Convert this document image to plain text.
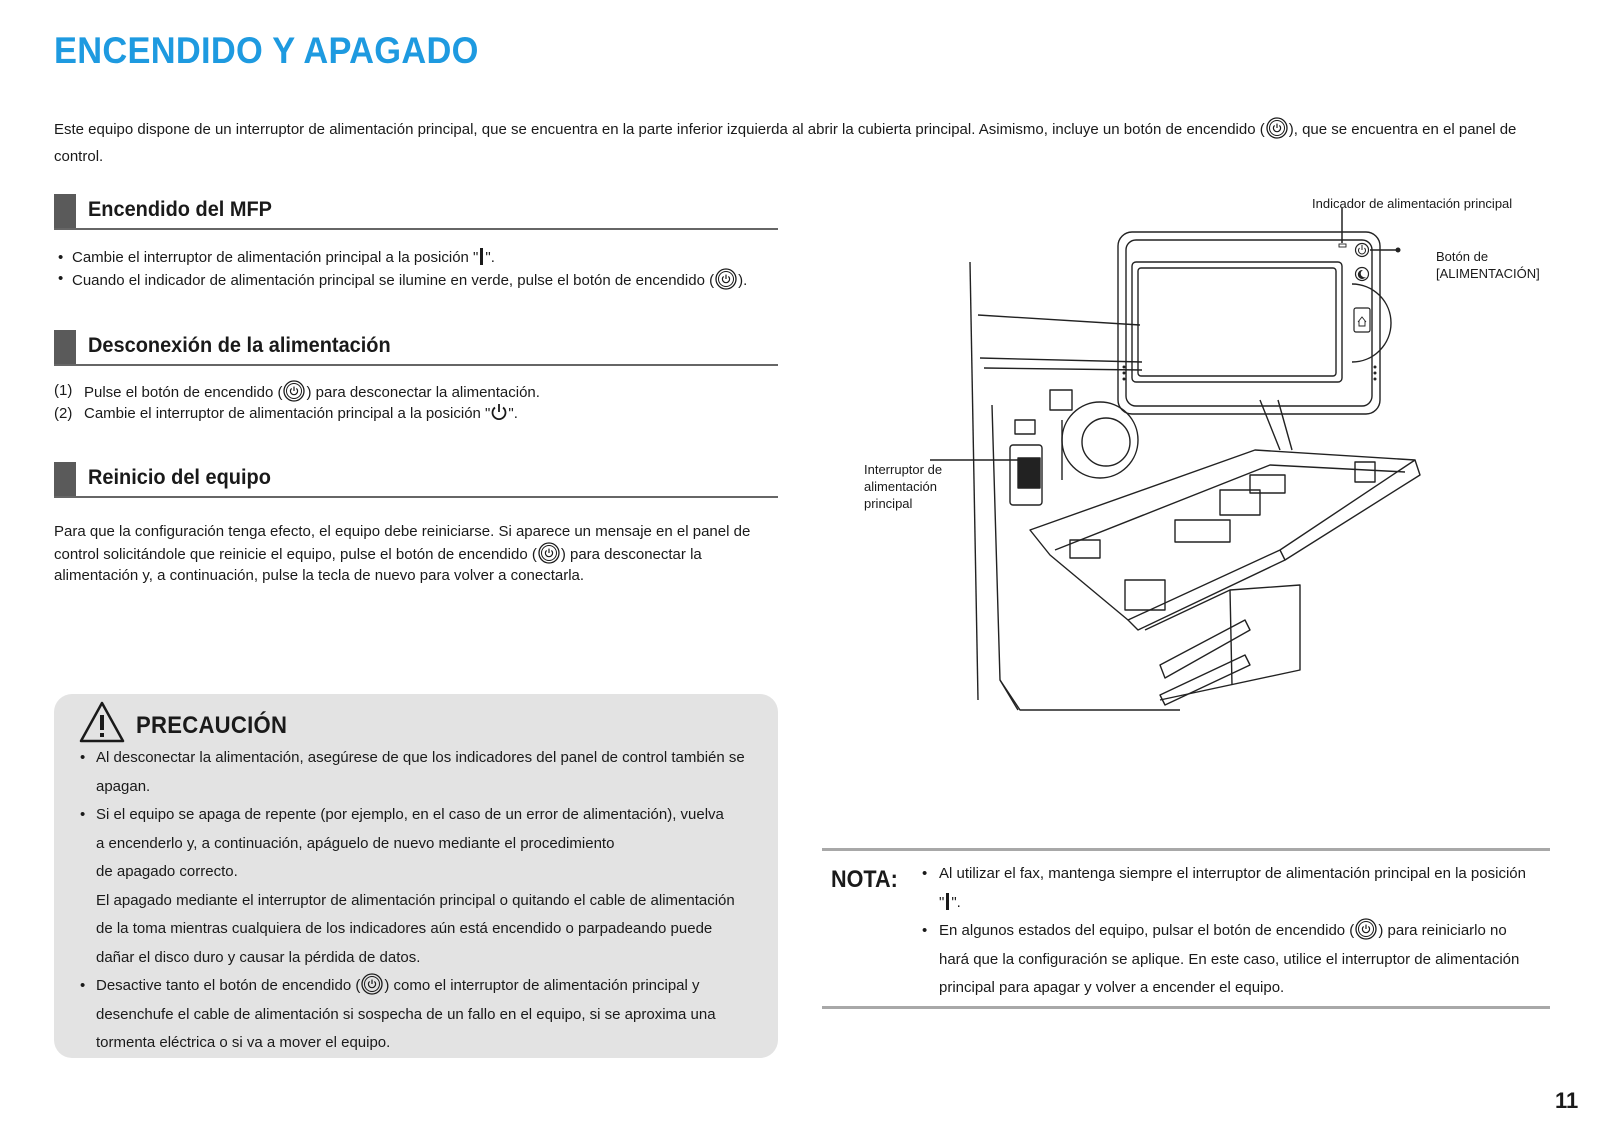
ENCENDIDO Y APAGADO
Este equipo dispone de un interruptor de alimentación principal, que se encuentra en la parte inferior izquierda al abrir la cubierta principal. Asimismo, incluye un botón de encendido ( ), que se encuentra en el panel de control.
Encendido del MFP
• Cambie el interruptor de alimentación principal a la posición " ".
• Cuando el indicador de alimentación principal se ilumine en verde, pulse el botón de encendido ( ).
Desconexión de la alimentación
(1) Pulse el botón de encendido ( ) para desconectar la alimentación.
(2) Cambie el interruptor de alimentación principal a la posición " ".
Reinicio del equipo
Para que la configuración tenga efecto, el equipo debe reiniciarse. Si aparece un mensaje en el panel de control solicitándole que reinicie el equipo, pulse el botón de encendido ( ) para desconectar la alimentación y, a continuación, pulse la tecla de nuevo para volver a conectarla.
PRECAUCIÓN
• Al desconectar la alimentación, asegúrese de que los indicadores del panel de control también se apagan.
• Si el equipo se apaga de repente (por ejemplo, en el caso de un error de alimentación), vuelva
a encenderlo y, a continuación, apáguelo de nuevo mediante el procedimiento
de apagado correcto.
El apagado mediante el interruptor de alimentación principal o quitando el cable de alimentación de la toma mientras cualquiera de los indicadores aún está encendido o parpadeando puede dañar el disco duro y causar la pérdida de datos.
• Desactive tanto el botón de encendido ( ) como el interruptor de alimentación principal y desenchufe el cable de alimentación si sospecha de un fallo en el equipo, si se aproxima una tormenta eléctrica o si va a mover el equipo.
Indicador de alimentación principal
Botón de
[ALIMENTACIÓN]
Interruptor de
alimentación
principal
NOTA:
•	Al utilizar el fax, mantenga siempre el interruptor de alimentación principal en la posición " ".
• En algunos estados del equipo, pulsar el botón de encendido ( ) para reiniciarlo no hará que la configuración se aplique. En este caso, utilice el interruptor de alimentación principal para apagar y volver a encender el equipo.
11
